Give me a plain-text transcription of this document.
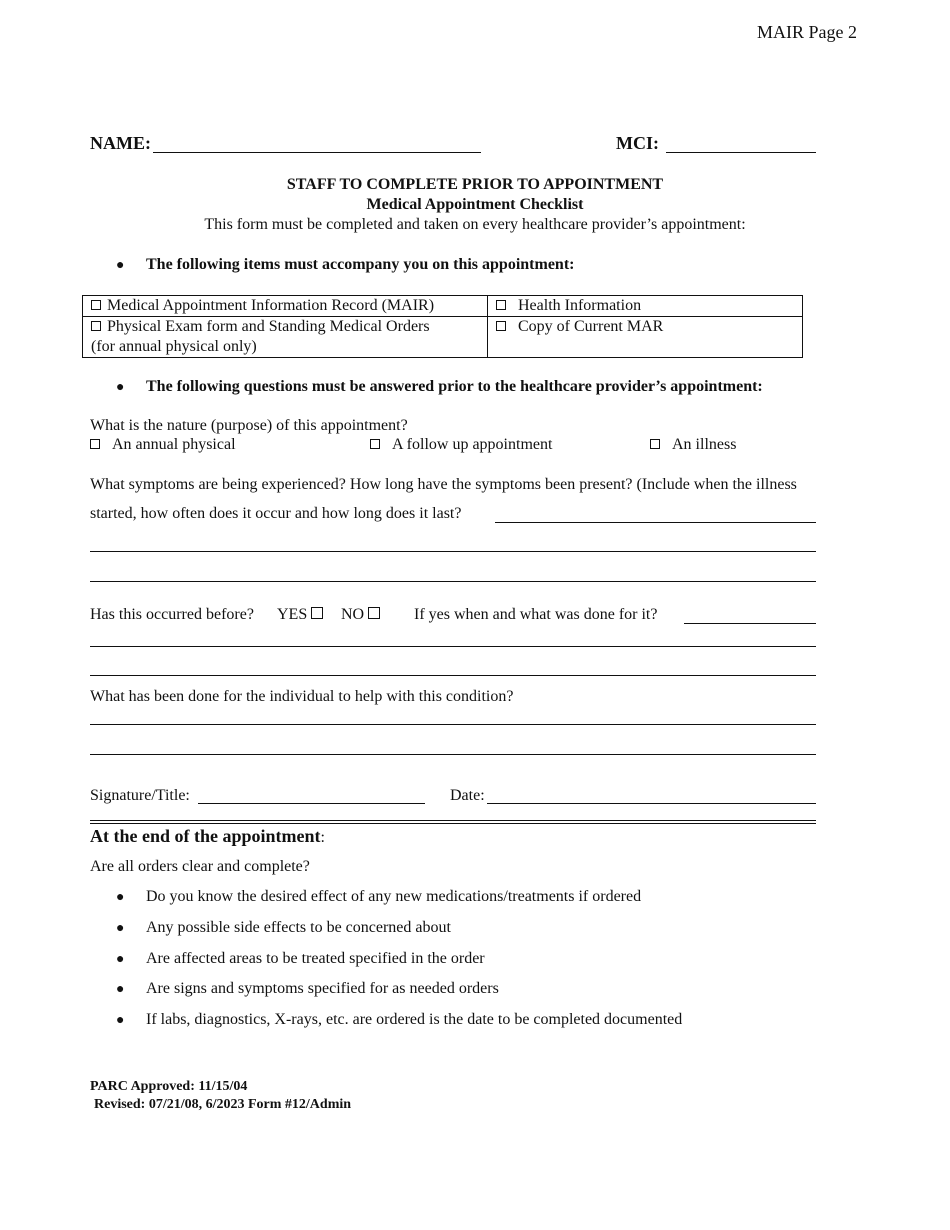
MAIR Page 2
NAME:	MCI:
STAFF TO COMPLETE PRIOR TO APPOINTMENT
Medical Appointment Checklist
This form must be completed and taken on every healthcare provider’s appointment:
● The following items must accompany you on this appointment:
Medical Appointment Information Record (MAIR)	Health Information
Physical Exam form and Standing Medical Orders
(for annual physical only)	Copy of Current MAR
● The following questions must be answered prior to the healthcare provider’s appointment:
What is the nature (purpose) of this appointment?
An annual physical	A follow up appointment	An illness
What symptoms are being experienced? How long have the symptoms been present? (Include when the illness
started, how often does it occur and how long does it last?
Has this occurred before? YES	NO	If yes when and what was done for it?
What has been done for the individual to help with this condition?
Signature/Title:	Date:
At the end of the appointment:
Are all orders clear and complete?
● Do you know the desired effect of any new medications/treatments if ordered
● Any possible side effects to be concerned about
● Are affected areas to be treated specified in the order
● Are signs and symptoms specified for as needed orders
● If labs, diagnostics, X-rays, etc. are ordered is the date to be completed documented
PARC Approved: 11/15/04
Revised: 07/21/08, 6/2023 Form #12/Admin
